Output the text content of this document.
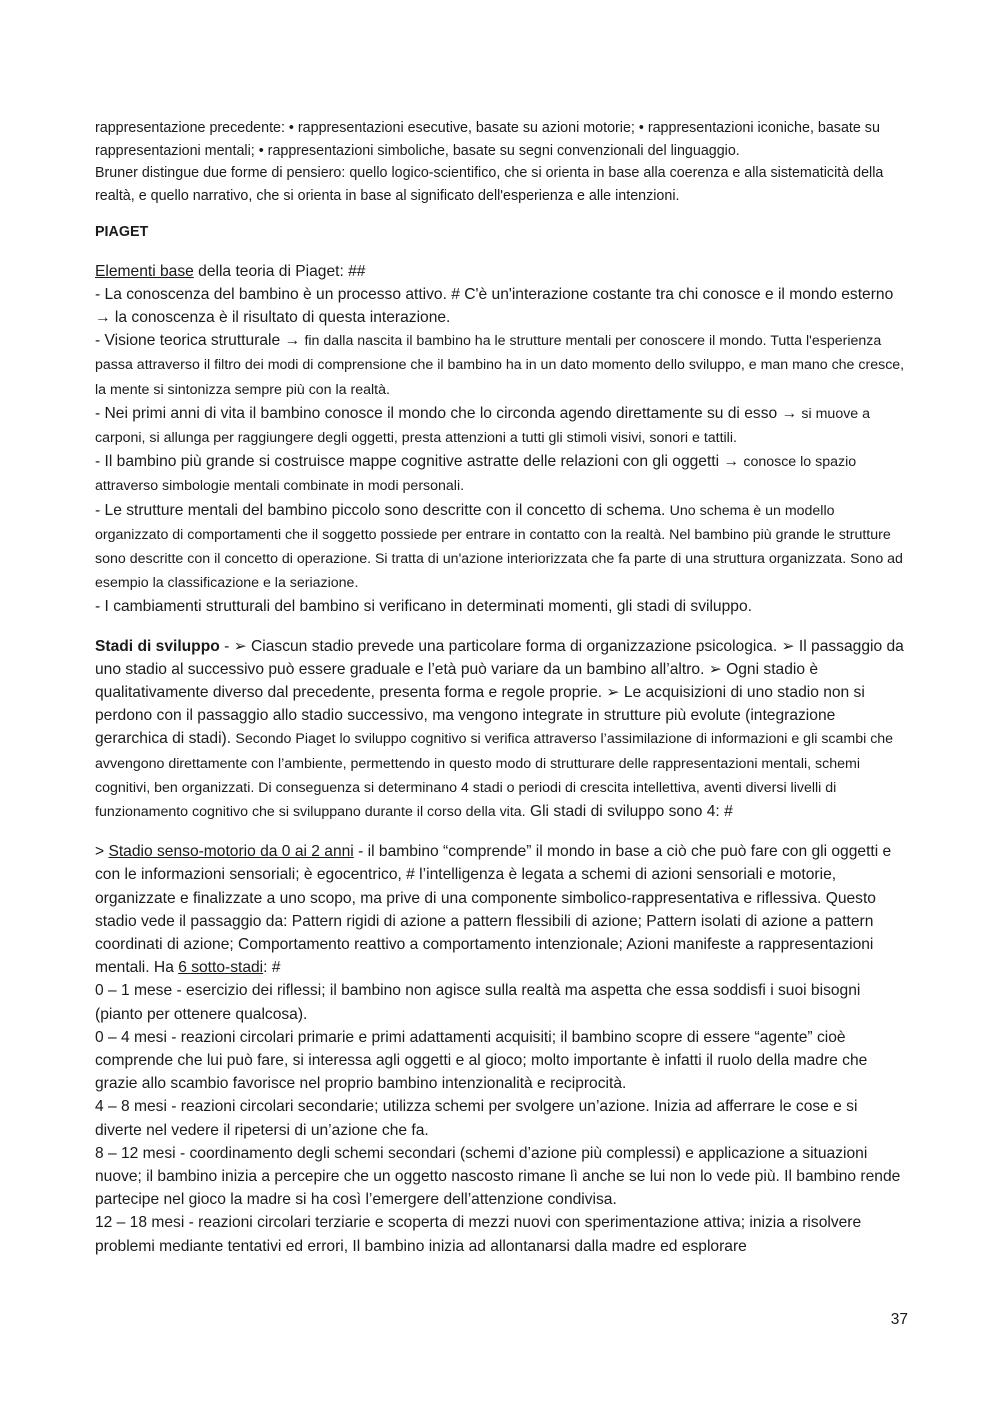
rappresentazione precedente: • rappresentazioni esecutive, basate su azioni motorie; • rappresentazioni iconiche, basate su rappresentazioni mentali; • rappresentazioni simboliche, basate su segni convenzionali del linguaggio.

Bruner distingue due forme di pensiero: quello logico-scientifico, che si orienta in base alla coerenza e alla sistematicità della realtà, e quello narrativo, che si orienta in base al significato dell'esperienza e alle intenzioni.

PIAGET

Elementi base della teoria di Piaget: ##

- La conoscenza del bambino è un processo attivo. # C'è un'interazione costante tra chi conosce e il mondo esterno → la conoscenza è il risultato di questa interazione.

- Visione teorica strutturale → fin dalla nascita il bambino ha le strutture mentali per conoscere il mondo. Tutta l'esperienza passa attraverso il filtro dei modi di comprensione che il bambino ha in un dato momento dello sviluppo, e man mano che cresce, la mente si sintonizza sempre più con la realtà.

- Nei primi anni di vita il bambino conosce il mondo che lo circonda agendo direttamente su di esso → si muove a carponi, si allunga per raggiungere degli oggetti, presta attenzioni a tutti gli stimoli visivi, sonori e tattili.

- Il bambino più grande si costruisce mappe cognitive astratte delle relazioni con gli oggetti → conosce lo spazio attraverso simbologie mentali combinate in modi personali.

- Le strutture mentali del bambino piccolo sono descritte con il concetto di schema. Uno schema è un modello organizzato di comportamenti che il soggetto possiede per entrare in contatto con la realtà. Nel bambino più grande le strutture sono descritte con il concetto di operazione. Si tratta di un'azione interiorizzata che fa parte di una struttura organizzata. Sono ad esempio la classificazione e la seriazione.

- I cambiamenti strutturali del bambino si verificano in determinati momenti, gli stadi di sviluppo.

Stadi di sviluppo - ➢ Ciascun stadio prevede una particolare forma di organizzazione psicologica. ➢ Il passaggio da uno stadio al successivo può essere graduale e l’età può variare da un bambino all’altro. ➢ Ogni stadio è qualitativamente diverso dal precedente, presenta forma e regole proprie. ➢ Le acquisizioni di uno stadio non si perdono con il passaggio allo stadio successivo, ma vengono integrate in strutture più evolute (integrazione gerarchica di stadi). Secondo Piaget lo sviluppo cognitivo si verifica attraverso l’assimilazione di informazioni e gli scambi che avvengono direttamente con l’ambiente, permettendo in questo modo di strutturare delle rappresentazioni mentali, schemi cognitivi, ben organizzati. Di conseguenza si determinano 4 stadi o periodi di crescita intellettiva, aventi diversi livelli di funzionamento cognitivo che si sviluppano durante il corso della vita. Gli stadi di sviluppo sono 4: #

> Stadio senso-motorio da 0 ai 2 anni - il bambino “comprende” il mondo in base a ciò che può fare con gli oggetti e con le informazioni sensoriali; è egocentrico, # l’intelligenza è legata a schemi di azioni sensoriali e motorie, organizzate e finalizzate a uno scopo, ma prive di una componente simbolico-rappresentativa e riflessiva. Questo stadio vede il passaggio da: Pattern rigidi di azione a pattern flessibili di azione; Pattern isolati di azione a pattern coordinati di azione; Comportamento reattivo a comportamento intenzionale; Azioni manifeste a rappresentazioni mentali. Ha 6 sotto-stadi: #

0 – 1 mese - esercizio dei riflessi; il bambino non agisce sulla realtà ma aspetta che essa soddisfi i suoi bisogni (pianto per ottenere qualcosa).

0 – 4 mesi - reazioni circolari primarie e primi adattamenti acquisiti; il bambino scopre di essere “agente” cioè comprende che lui può fare, si interessa agli oggetti e al gioco; molto importante è infatti il ruolo della madre che grazie allo scambio favorisce nel proprio bambino intenzionalità e reciprocità.

4 – 8 mesi - reazioni circolari secondarie; utilizza schemi per svolgere un’azione. Inizia ad afferrare le cose e si diverte nel vedere il ripetersi di un’azione che fa.

8 – 12 mesi - coordinamento degli schemi secondari (schemi d’azione più complessi) e applicazione a situazioni nuove; il bambino inizia a percepire che un oggetto nascosto rimane lì anche se lui non lo vede più. Il bambino rende partecipe nel gioco la madre si ha così l’emergere dell’attenzione condivisa.

12 – 18 mesi - reazioni circolari terziarie e scoperta di mezzi nuovi con sperimentazione attiva; inizia a risolvere problemi mediante tentativi ed errori, Il bambino inizia ad allontanarsi dalla madre ed esplorare

37
